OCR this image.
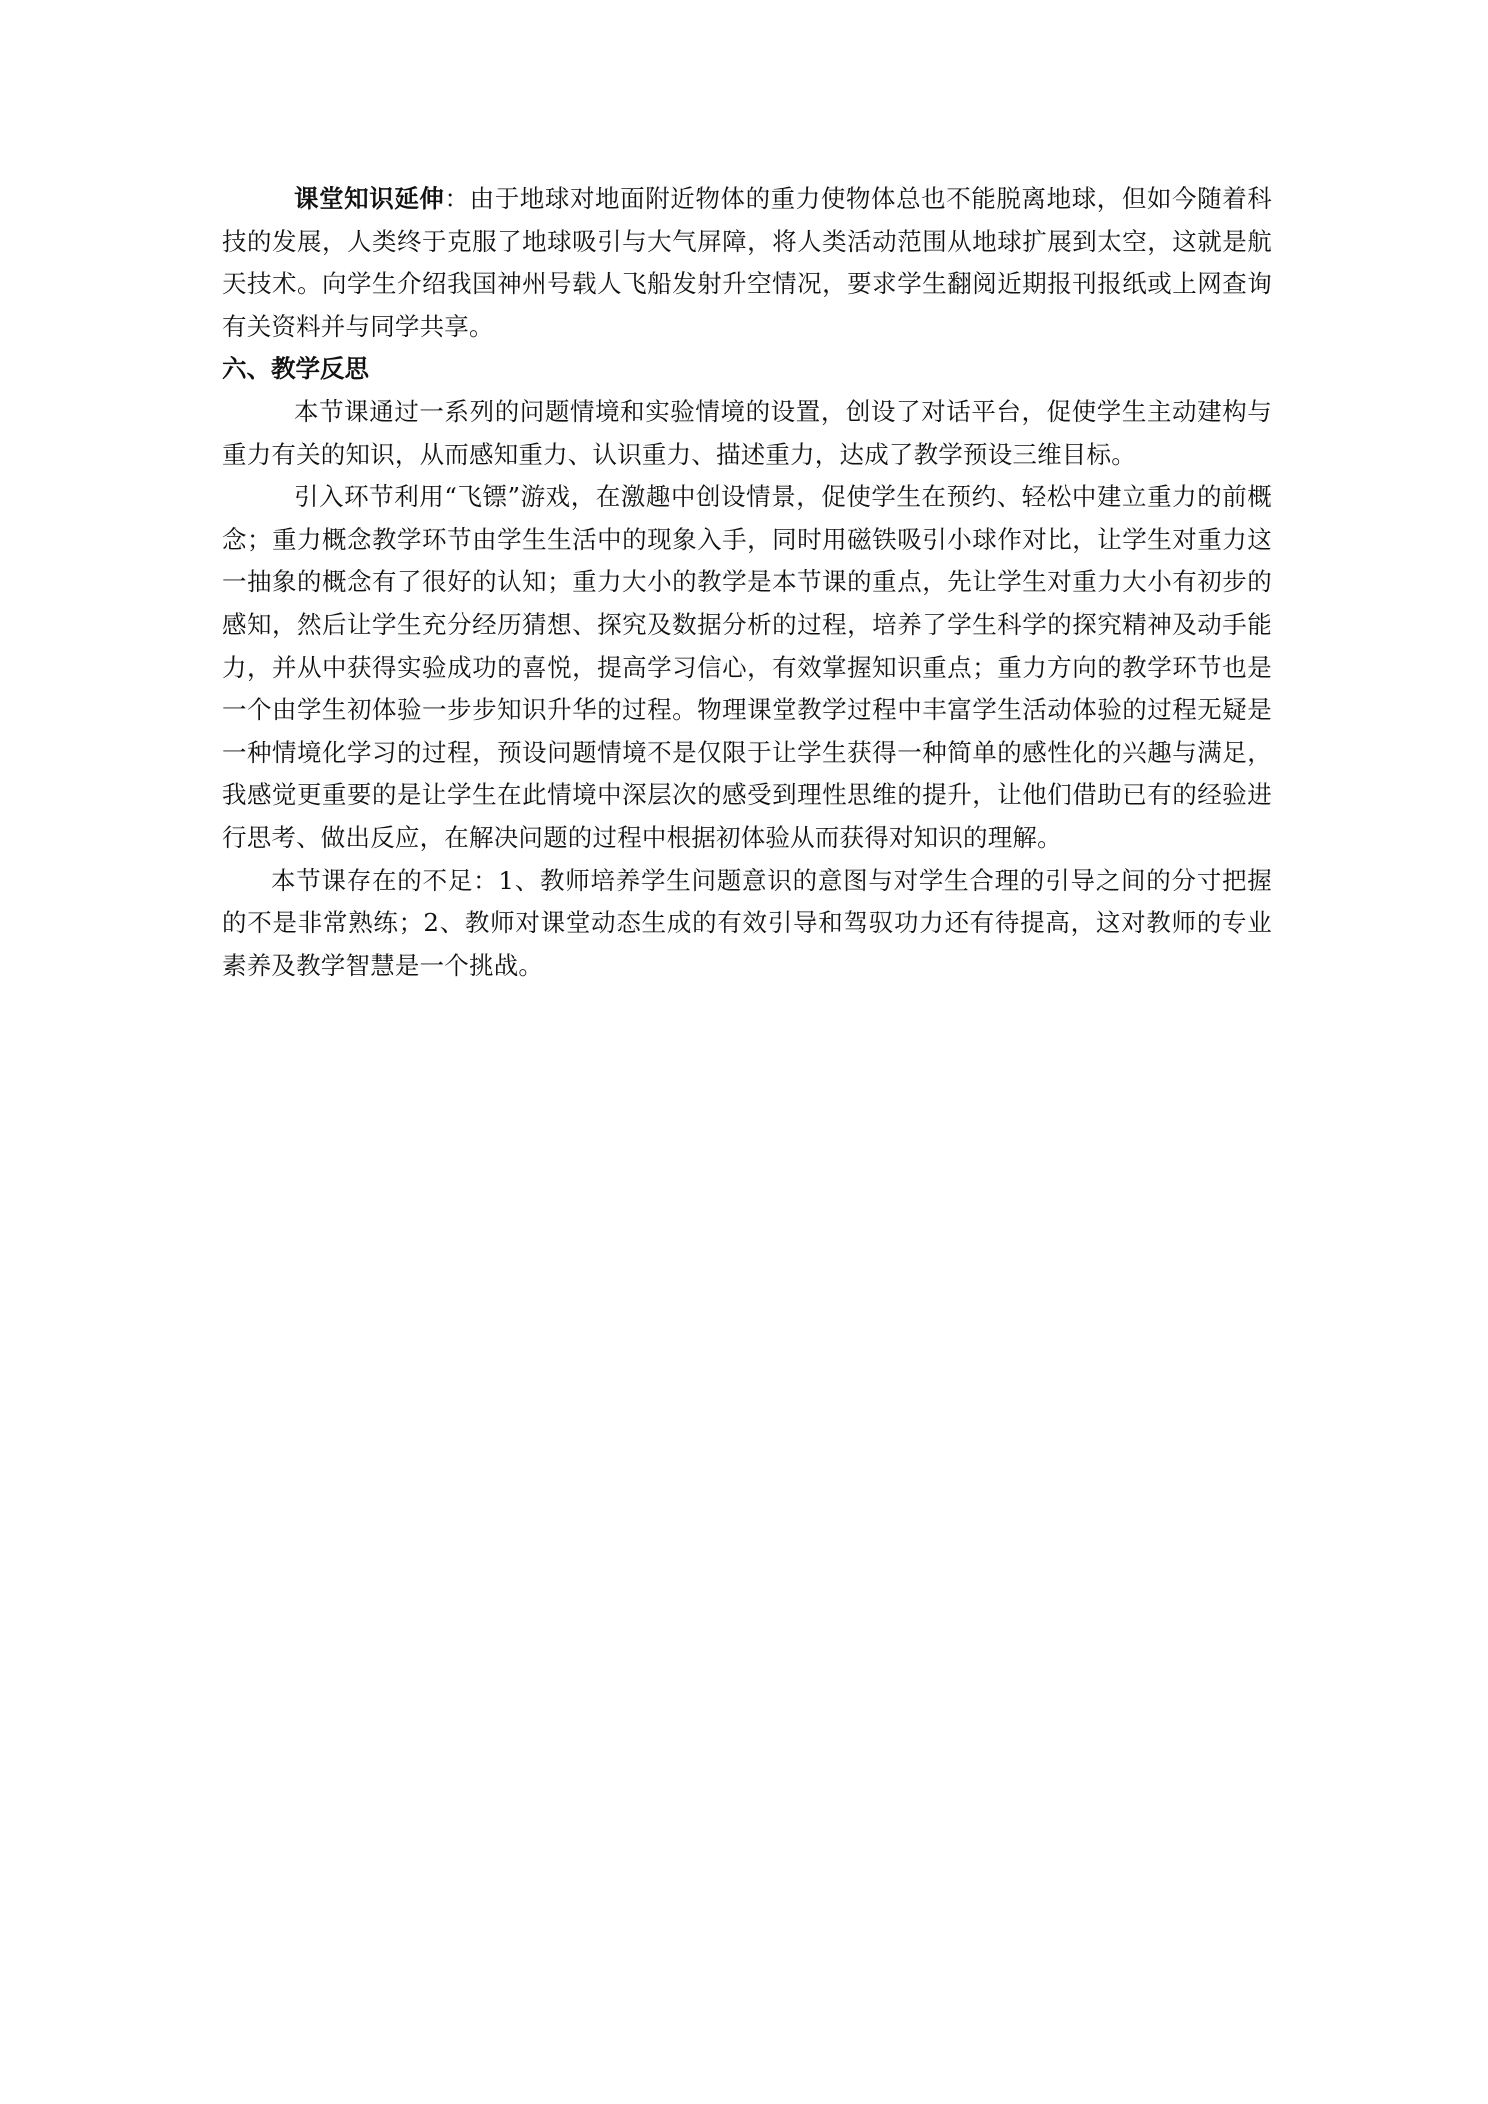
课堂知识延伸：由于地球对地面附近物体的重力使物体总也不能脱离地球，但如今随着科技的发展，人类终于克服了地球吸引与大气屏障，将人类活动范围从地球扩展到太空，这就是航天技术。向学生介绍我国神州号载人飞船发射升空情况，要求学生翻阅近期报刊报纸或上网查询有关资料并与同学共享。

六、教学反思

本节课通过一系列的问题情境和实验情境的设置，创设了对话平台，促使学生主动建构与重力有关的知识，从而感知重力、认识重力、描述重力，达成了教学预设三维目标。

引入环节利用“飞镖”游戏，在激趣中创设情景，促使学生在预约、轻松中建立重力的前概念；重力概念教学环节由学生生活中的现象入手，同时用磁铁吸引小球作对比，让学生对重力这一抽象的概念有了很好的认知；重力大小的教学是本节课的重点，先让学生对重力大小有初步的感知，然后让学生充分经历猜想、探究及数据分析的过程，培养了学生科学的探究精神及动手能力，并从中获得实验成功的喜悦，提高学习信心，有效掌握知识重点；重力方向的教学环节也是一个由学生初体验一步步知识升华的过程。物理课堂教学过程中丰富学生活动体验的过程无疑是一种情境化学习的过程，预设问题情境不是仅限于让学生获得一种简单的感性化的兴趣与满足，我感觉更重要的是让学生在此情境中深层次的感受到理性思维的提升，让他们借助已有的经验进行思考、做出反应，在解决问题的过程中根据初体验从而获得对知识的理解。

本节课存在的不足：1、教师培养学生问题意识的意图与对学生合理的引导之间的分寸把握的不是非常熟练；2、教师对课堂动态生成的有效引导和驾驭功力还有待提高，这对教师的专业素养及教学智慧是一个挑战。
